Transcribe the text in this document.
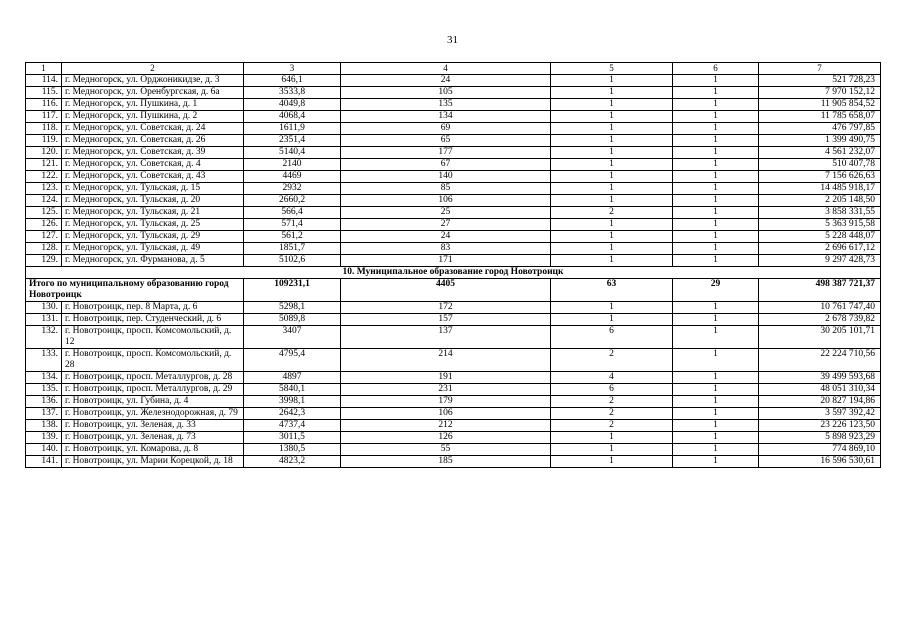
31
1	2	3	4	5	6	7
114.	г. Медногорск, ул. Орджоникидзе, д. 3	646,1	24	1	1	521 728,23
115.	г. Медногорск, ул. Оренбургская, д. 6а	3533,8	105	1	1	7 970 152,12
116.	г. Медногорск, ул. Пушкина, д. 1	4049,8	135	1	1	11 905 854,52
117.	г. Медногорск, ул. Пушкина, д. 2	4068,4	134	1	1	11 785 658,07
118.	г. Медногорск, ул. Советская, д. 24	1611,9	69	1	1	476 797,85
119.	г. Медногорск, ул. Советская, д. 26	2351,4	65	1	1	1 399 490,75
120.	г. Медногорск, ул. Советская, д. 39	5140,4	177	1	1	4 561 232,07
121.	г. Медногорск, ул. Советская, д. 4	2140	67	1	1	510 407,78
122.	г. Медногорск, ул. Советская, д. 43	4469	140	1	1	7 156 626,63
123.	г. Медногорск, ул. Тульская, д. 15	2932	85	1	1	14 485 918,17
124.	г. Медногорск, ул. Тульская, д. 20	2660,2	106	1	1	2 205 148,50
125.	г. Медногорск, ул. Тульская, д. 21	566,4	25	2	1	3 858 331,55
126.	г. Медногорск, ул. Тульская, д. 25	571,4	27	1	1	5 363 915,58
127.	г. Медногорск, ул. Тульская, д. 29	561,2	24	1	1	5 228 448,07
128.	г. Медногорск, ул. Тульская, д. 49	1851,7	83	1	1	2 696 617,12
129.	г. Медногорск, ул. Фурманова, д. 5	5102,6	171	1	1	9 297 428,73
10. Муниципальное образование город Новотроицк						
Итого по муниципальному образованию город Новотроицк		109231,1	4405	63	29	498 387 721,37
130.	г. Новотроицк, пер. 8 Марта, д. 6	5298,1	172	1	1	10 761 747,40
131.	г. Новотроицк, пер. Студенческий, д. 6	5089,8	157	1	1	2 678 739,82
132.	г. Новотроицк, просп. Комсомольский, д. 12	3407	137	6	1	30 205 101,71
133.	г. Новотроицк, просп. Комсомольский, д. 28	4795,4	214	2	1	22 224 710,56
134.	г. Новотроицк, просп. Металлургов, д. 28	4897	191	4	1	39 499 593,68
135.	г. Новотроицк, просп. Металлургов, д. 29	5840,1	231	6	1	48 051 310,34
136.	г. Новотроицк, ул. Губина, д. 4	3998,1	179	2	1	20 827 194,86
137.	г. Новотроицк, ул. Железнодорожная, д. 79	2642,3	106	2	1	3 597 392,42
138.	г. Новотроицк, ул. Зеленая, д. 33	4737,4	212	2	1	23 226 123,50
139.	г. Новотроицк, ул. Зеленая, д. 73	3011,5	126	1	1	5 898 923,29
140.	г. Новотроицк, ул. Комарова, д. 8	1380,5	55	1	1	774 869,10
141.	г. Новотроицк, ул. Марии Корецкой, д. 18	4823,2	185	1	1	16 596 530,61
